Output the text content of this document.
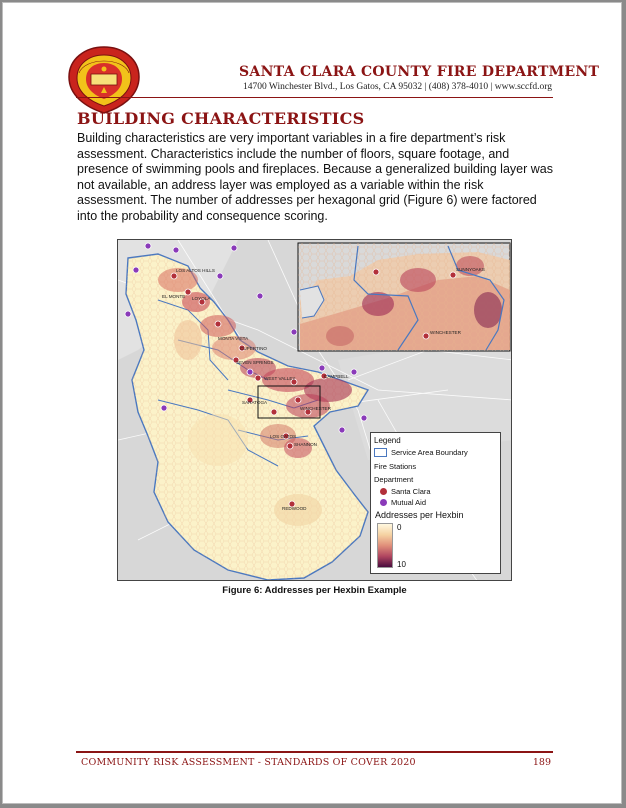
SANTA CLARA COUNTY FIRE DEPARTMENT
14700 Winchester Blvd., Los Gatos, CA 95032 | (408) 378-4010 | www.sccfd.org
BUILDING CHARACTERISTICS

Building characteristics are very important variables in a fire department’s risk assessment. Characteristics include the number of floors, square footage, and presence of swimming pools and fireplaces. Because a generalized building layer was not available, an address layer was employed as a variable within the risk assessment. The number of addresses per hexagonal grid (Figure 6) were factored into the probability and consequence scoring.

SUNNYOAKS
WINCHESTER
LOS ALTOS HILLS
EL MONTE LOYOLA
MONTA VISTA
CUPERTINO
SEVEN SPRINGS
WEST VALLEY	CAMPBELL
SARATOGA
WINCHESTER
LOS GATOS
SHANNON
REDWOOD
Legend
Service Area Boundary
Fire Stations
Department
Santa Clara
Mutual Aid
Addresses per Hexbin
0
10
Figure 6: Addresses per Hexbin Example
COMMUNITY RISK ASSESSMENT - STANDARDS OF COVER 2020	189
